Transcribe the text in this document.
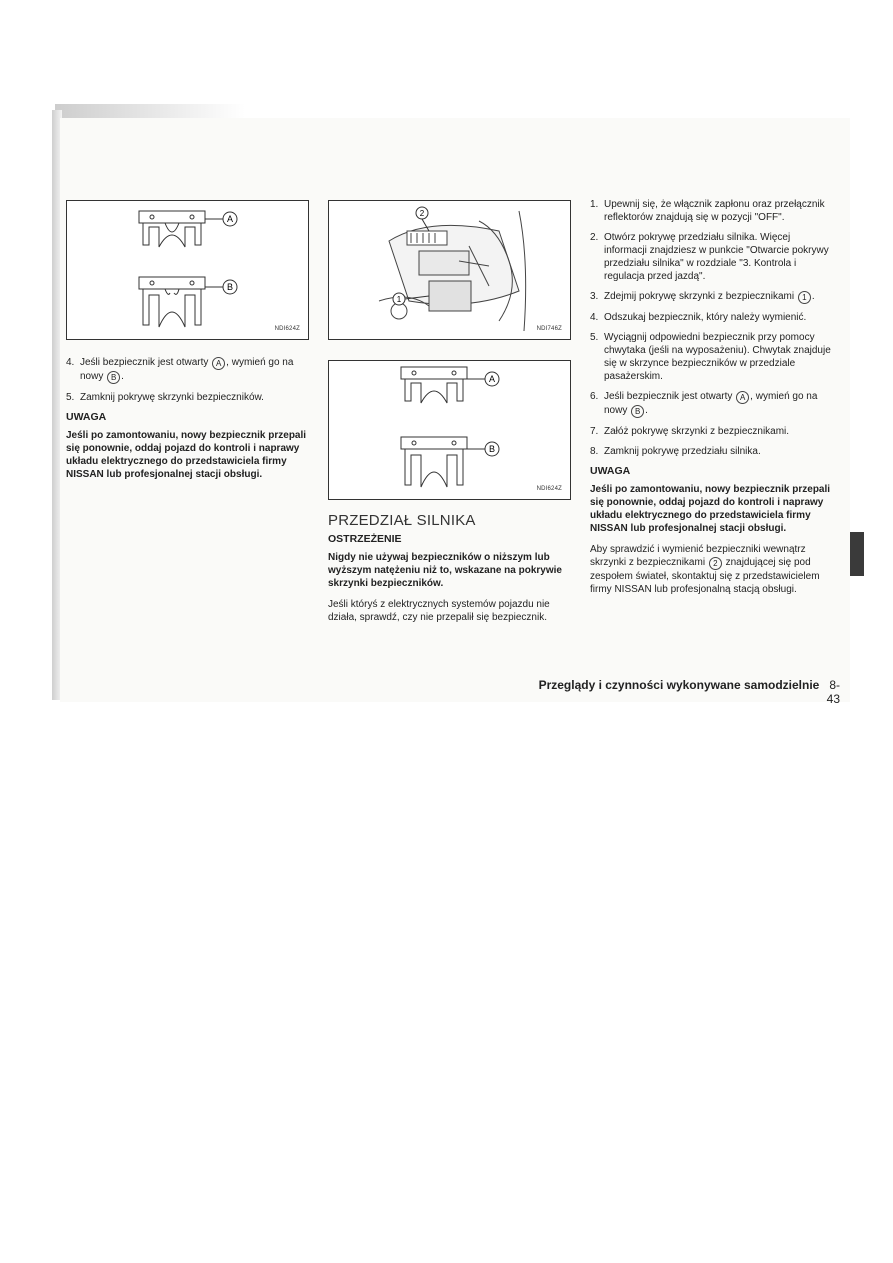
A
B
NDI624Z
4. Jeśli bezpiecznik jest otwarty A , wymień go na nowy B .
5. Zamknij pokrywę skrzynki bezpieczników.
UWAGA

Jeśli po zamontowaniu, nowy bezpiecznik przepali się ponownie, oddaj pojazd do kontroli i naprawy układu elektrycznego do przedstawiciela firmy NISSAN lub profesjonalnej stacji obsługi.

2
1
NDI746Z
A
B
NDI624Z
PRZEDZIAŁ SILNIKA
OSTRZEŻENIE

Nigdy nie używaj bezpieczników o niższym lub wyższym natężeniu niż to, wskazane na pokrywie skrzynki bezpieczników.

Jeśli któryś z elektrycznych systemów pojazdu nie działa, sprawdź, czy nie przepalił się bezpiecznik.

1. Upewnij się, że włącznik zapłonu oraz przełącznik reflektorów znajdują się w pozycji "OFF".
2. Otwórz pokrywę przedziału silnika. Więcej informacji znajdziesz w punkcie "Otwarcie pokrywy przedziału silnika" w rozdziale "3. Kontrola i regulacja przed jazdą".
3. Zdejmij pokrywę skrzynki z bezpiecznikami 1 .
4. Odszukaj bezpiecznik, który należy wymienić.
5. Wyciągnij odpowiedni bezpiecznik przy pomocy chwytaka (jeśli na wyposażeniu). Chwytak znajduje się w skrzynce bezpieczników w przedziale pasażerskim.
6. Jeśli bezpiecznik jest otwarty A , wymień go na nowy B .
7. Załóż pokrywę skrzynki z bezpiecznikami.
8. Zamknij pokrywę przedziału silnika.
UWAGA

Jeśli po zamontowaniu, nowy bezpiecznik przepali się ponownie, oddaj pojazd do kontroli i naprawy układu elektrycznego do przedstawiciela firmy NISSAN lub profesjonalnej stacji obsługi.

Aby sprawdzić i wymienić bezpieczniki wewnątrz skrzynki z bezpiecznikami 2 znajdującej się pod zespołem świateł, skontaktuj się z przedstawicielem firmy NISSAN lub profesjonalną stacją obsługi.

Przeglądy i czynności wykonywane samodzielnie 8-43
